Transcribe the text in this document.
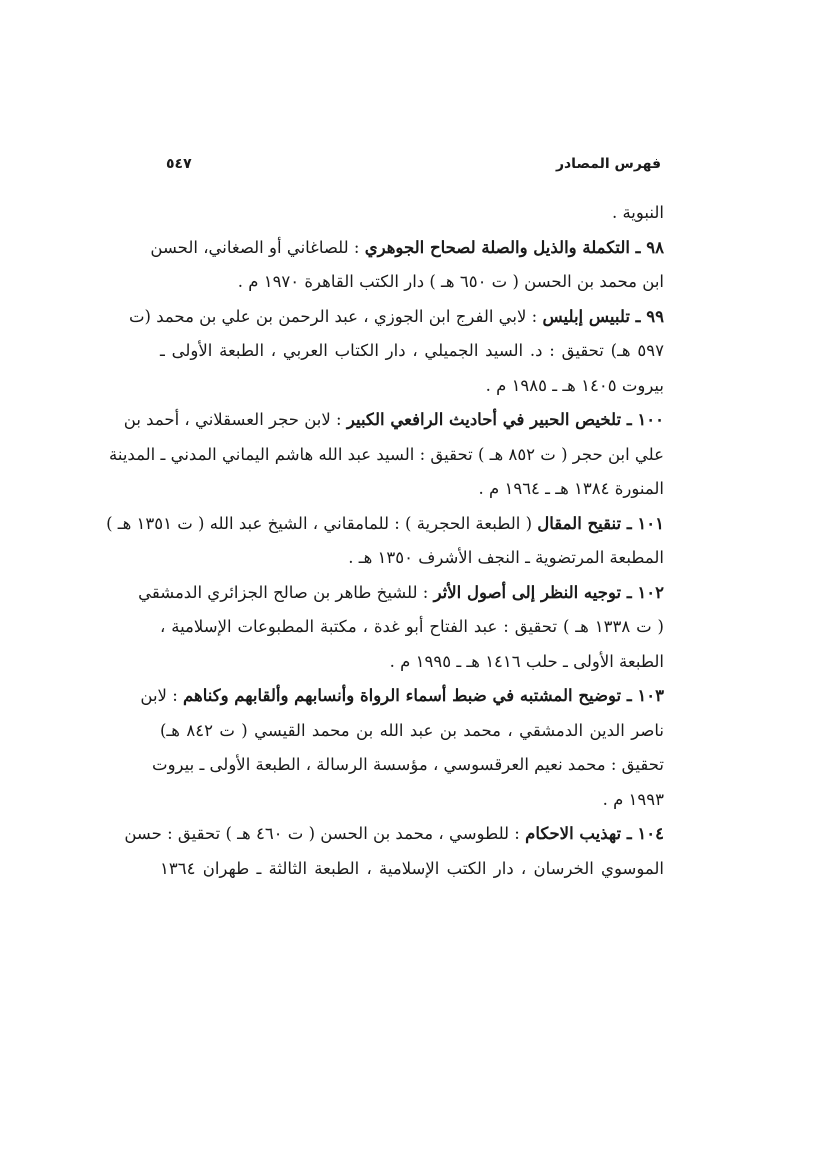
فهرس المصادر
٥٤٧
النبوية .
٩٨ ـ التكملة والذيل والصلة لصحاح الجوهري : للصاغاني أو الصغاني، الحسن
ابن محمد بن الحسن ( ت ٦٥٠ هـ ) دار الكتب القاهرة ١٩٧٠ م .
٩٩ ـ تلبيس إبليس : لابي الفرج ابن الجوزي ، عبد الرحمن بن علي بن محمد (ت
٥٩٧ هـ) تحقيق : د. السيد الجميلي ، دار الكتاب العربي ، الطبعة الأولى ـ
بيروت ١٤٠٥ هـ ـ ١٩٨٥ م .
١٠٠ ـ تلخيص الحبير في أحاديث الرافعي الكبير : لابن حجر العسقلاني ، أحمد بن
علي ابن حجر ( ت ٨٥٢ هـ ) تحقيق : السيد عبد الله هاشم اليماني المدني ـ المدينة
المنورة ١٣٨٤ هـ ـ ١٩٦٤ م .
١٠١ ـ تنقيح المقال ( الطبعة الحجرية ) : للمامقاني ، الشيخ عبد الله ( ت ١٣٥١ هـ )
المطبعة المرتضوية ـ النجف الأشرف ١٣٥٠ هـ .
١٠٢ ـ توجيه النظر إلى أصول الأثر : للشيخ طاهر بن صالح الجزائري الدمشقي
( ت ١٣٣٨ هـ ) تحقيق : عبد الفتاح أبو غدة ، مكتبة المطبوعات الإسلامية ،
الطبعة الأولى ـ حلب ١٤١٦ هـ ـ ١٩٩٥ م .
١٠٣ ـ توضيح المشتبه في ضبط أسماء الرواة وأنسابهم وألقابهم وكناهم : لابن
ناصر الدين الدمشقي ، محمد بن عبد الله بن محمد القيسي ( ت ٨٤٢ هـ)
تحقيق : محمد نعيم العرقسوسي ، مؤسسة الرسالة ، الطبعة الأولى ـ بيروت
١٩٩٣ م .
١٠٤ ـ تهذيب الاحكام : للطوسي ، محمد بن الحسن ( ت ٤٦٠ هـ ) تحقيق : حسن
الموسوي الخرسان ، دار الكتب الإسلامية ، الطبعة الثالثة ـ طهران ١٣٦٤
